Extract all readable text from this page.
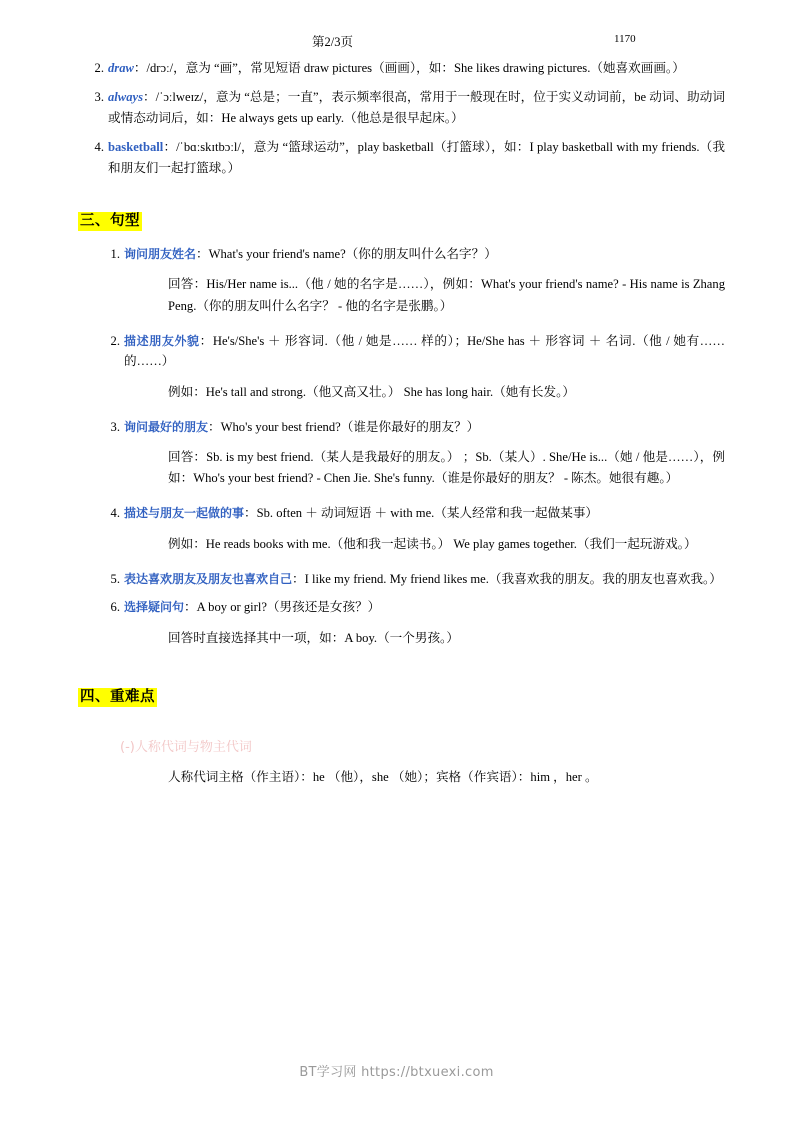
第2/3页	1170
2. draw：/drɔː/，意为 “画”，常见短语 draw pictures（画画），如：She likes drawing pictures.（她喜欢画画。）
3. always：/ˈɔːlweɪz/，意为 “总是；一直”，表示频率很高，常用于一般现在时，位于实义动词前，be 动词、助动词或情态动词后，如：He always gets up early.（他总是很早起床。）
4. basketball：/ˈbɑːskɪtbɔːl/，意为 “篮球运动”，play basketball（打篮球），如：I play basketball with my friends.（我和朋友们一起打篮球。）
三、句型
1. 询问朋友姓名：What's your friend's name?（你的朋友叫什么名字？）
回答：His/Her name is...（他 / 她的名字是……），例如：What's your friend's name? - His name is Zhang Peng.（你的朋友叫什么名字？ - 他的名字是张鹏。）
2. 描述朋友外貌：He's/She's ＋ 形容词.（他 / 她是…… 样的）；He/She has ＋ 形容词 ＋ 名词.（他 / 她有…… 的……）
例如：He's tall and strong.（他又高又壮。） She has long hair.（她有长发。）
3. 询问最好的朋友：Who's your best friend?（谁是你最好的朋友？）
回答：Sb. is my best friend.（某人是我最好的朋友。） ；Sb.（某人）. She/He is...（她 / 他是……），例如：Who's your best friend? - Chen Jie. She's funny.（谁是你最好的朋友？ - 陈杰。她很有趣。）
4. 描述与朋友一起做的事：Sb. often ＋ 动词短语 ＋ with me.（某人经常和我一起做某事）
例如：He reads books with me.（他和我一起读书。） We play games together.（我们一起玩游戏。）
5. 表达喜欢朋友及朋友也喜欢自己：I like my friend. My friend likes me.（我喜欢我的朋友。我的朋友也喜欢我。）
6. 选择疑问句：A boy or girl?（男孩还是女孩？）
回答时直接选择其中一项，如：A boy.（一个男孩。）
四、重难点
(-)人称代词与物主代词
人称代词主格（作主语）：he （他），she （她）；宾格（作宾语）：him ，her 。
BT学习网 https://btxuexi.com
